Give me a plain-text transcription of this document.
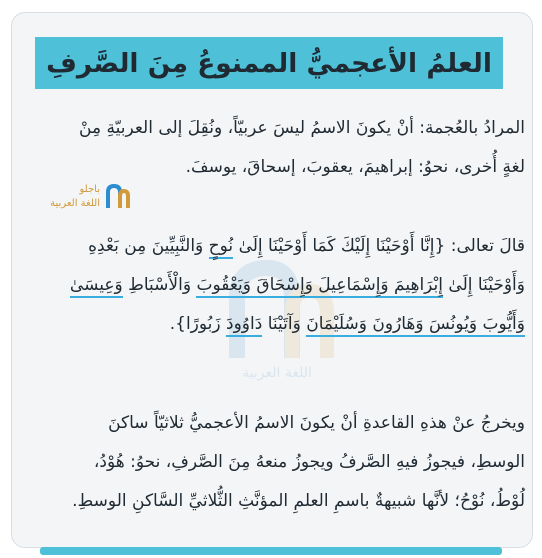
العلمُ الأعجميُّ الممنوعُ مِنَ الصَّرفِ
المرادُ بالعُجمة: أنْ يكونَ الاسمُ ليسَ عربيّاً، ونُقِلَ إلى العربيّةِ مِنْ
لغةٍ أُخرى، نحوُ: إبراهيمَ، يعقوبَ، إسحاقَ، يوسفَ.
باجلو
اللغة العربية
اللغة العربية
قالَ تعالى: {إِنَّا أَوْحَيْنَا إِلَيْكَ كَمَا أَوْحَيْنَا إِلَىٰ نُوحٍ وَالنَّبِيِّينَ مِن بَعْدِهِ
وَأَوْحَيْنَا إِلَىٰ إِبْرَاهِيمَ وَإِسْمَاعِيلَ وَإِسْحَاقَ وَيَعْقُوبَ وَالْأَسْبَاطِ وَعِيسَىٰ
وَأَيُّوبَ وَيُونُسَ وَهَارُونَ وَسُلَيْمَانَ وَآتَيْنَا دَاوُودَ زَبُورًا}.
ويخرجُ عنْ هذهِ القاعدةِ أنْ يكونَ الاسمُ الأعجميُّ ثلاثيّاً ساكنَ
الوسطِ، فيجوزُ فيهِ الصَّرفُ ويجوزُ منعهُ مِنَ الصَّرفِ، نحوُ: هُوْدُ،
لُوْطُ، نُوْحُ؛ لأنَّها شبيهةٌ باسمِ العلمِ المؤنَّثِ الثُّلاثيِّ السَّاكنِ الوسطِ.
